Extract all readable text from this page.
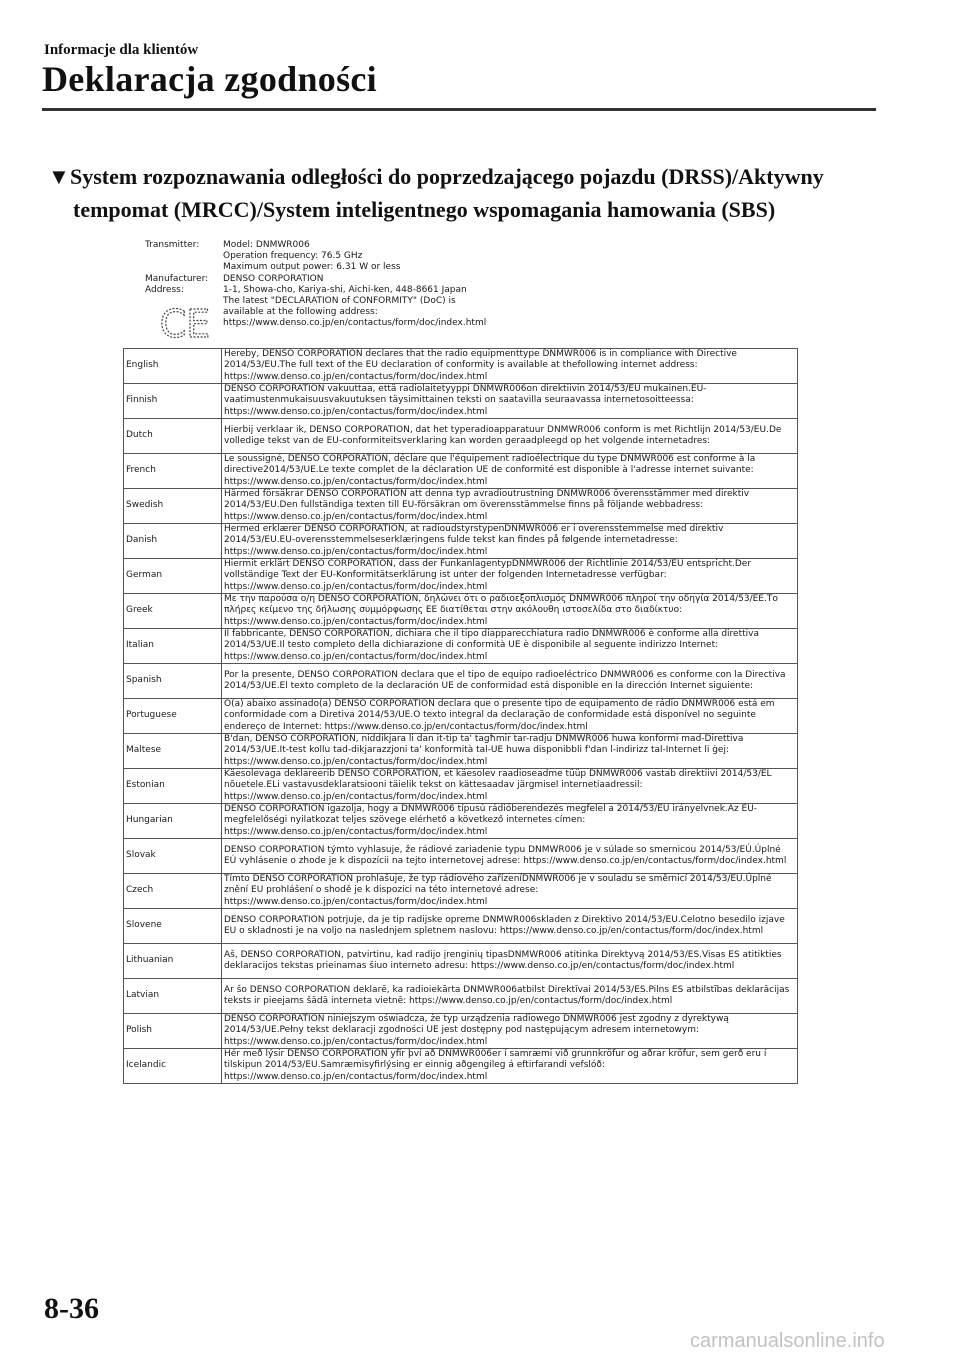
Informacje dla klientów
Deklaracja zgodności
▼System rozpoznawania odległości do poprzedzającego pojazdu (DRSS)/Aktywny
tempomat (MRCC)/System inteligentnego wspomagania hamowania (SBS)
Transmitter:	Model: DNMWR006
Operation frequency: 76.5 GHz
Maximum output power: 6.31 W or less
Manufacturer:	DENSO CORPORATION
Address:	1-1, Showa-cho, Kariya-shi, Aichi-ken, 448-8661 Japan
The latest "DECLARATION of CONFORMITY" (DoC) is
available at the following address:
https://www.denso.co.jp/en/contactus/form/doc/index.html
CE
English	Hereby, DENSO CORPORATION declares that the radio equipmenttype DNMWR006 is in compliance with Directive 2014/53/EU.The full text of the EU declaration of conformity is available at thefollowing internet address: https://www.denso.co.jp/en/contactus/form/doc/index.html
Finnish	DENSO CORPORATION vakuuttaa, että radiolaitetyyppi DNMWR006on direktiivin 2014/53/EU mukainen.EU-vaatimustenmukaisuusvakuutuksen täysimittainen teksti on saatavilla seuraavassa internetosoitteessa: https://www.denso.co.jp/en/contactus/form/doc/index.html
Dutch	Hierbij verklaar ik, DENSO CORPORATION, dat het typeradioapparatuur DNMWR006 conform is met Richtlijn 2014/53/EU.De volledige tekst van de EU-conformiteitsverklaring kan worden geraadpleegd op het volgende internetadres:
French	Le soussigné, DENSO CORPORATION, déclare que l'équipement radioélectrique du type DNMWR006 est conforme à la directive2014/53/UE.Le texte complet de la déclaration UE de conformité est disponible à l'adresse internet suivante: https://www.denso.co.jp/en/contactus/form/doc/index.html
Swedish	Härmed försäkrar DENSO CORPORATION att denna typ avradioutrustning DNMWR006 överensstämmer med direktiv 2014/53/EU.Den fullständiga texten till EU-försäkran om överensstämmelse finns på följande webbadress: https://www.denso.co.jp/en/contactus/form/doc/index.html
Danish	Hermed erklærer DENSO CORPORATION, at radioudstyrstypenDNMWR006 er i overensstemmelse med direktiv 2014/53/EU.EU-overensstemmelseserklæringens fulde tekst kan findes på følgende internetadresse: https://www.denso.co.jp/en/contactus/form/doc/index.html
German	Hiermit erklärt DENSO CORPORATION, dass der FunkanlagentypDNMWR006 der Richtlinie 2014/53/EU entspricht.Der vollständige Text der EU-Konformitätserklärung ist unter der folgenden Internetadresse verfügbar: https://www.denso.co.jp/en/contactus/form/doc/index.html
Greek	Με την παρούσα ο/η DENSO CORPORATION, δηλώνει ότι ο ραδιοεξοπλισμός DNMWR006 πληροί την οδηγία 2014/53/ΕΕ.Το πλήρες κείμενο της δήλωσης συμμόρφωσης ΕΕ διατίθεται στην ακόλουθη ιστοσελίδα στο διαδίκτυο: https://www.denso.co.jp/en/contactus/form/doc/index.html
Italian	Il fabbricante, DENSO CORPORATION, dichiara che il tipo diapparecchiatura radio DNMWR006 è conforme alla direttiva 2014/53/UE.Il testo completo della dichiarazione di conformità UE è disponibile al seguente indirizzo Internet: https://www.denso.co.jp/en/contactus/form/doc/index.html
Spanish	Por la presente, DENSO CORPORATION declara que el tipo de equipo radioeléctrico DNMWR006 es conforme con la Directiva 2014/53/UE.El texto completo de la declaración UE de conformidad está disponible en la dirección Internet siguiente:
Portuguese	O(a) abaixo assinado(a) DENSO CORPORATION declara que o presente tipo de equipamento de rádio DNMWR006 está em conformidade com a Diretiva 2014/53/UE.O texto integral da declaração de conformidade está disponível no seguinte endereço de Internet: https://www.denso.co.jp/en/contactus/form/doc/index.html
Maltese	B'dan, DENSO CORPORATION, niddikjara li dan it-tip ta' tagħmir tar-radju DNMWR006 huwa konformi mad-Direttiva 2014/53/UE.It-test kollu tad-dikjarazzjoni ta' konformità tal-UE huwa disponibbli f'dan l-indirizz tal-Internet li ġej: https://www.denso.co.jp/en/contactus/form/doc/index.html
Estonian	Käesolevaga deklareerib DENSO CORPORATION, et käesolev raadioseadme tüüp DNMWR006 vastab direktiivi 2014/53/EL nõuetele.ELi vastavusdeklaratsiooni täielik tekst on kättesaadav järgmisel internetiaadressil: https://www.denso.co.jp/en/contactus/form/doc/index.html
Hungarian	DENSO CORPORATION igazolja, hogy a DNMWR006 típusú rádióberendezés megfelel a 2014/53/EU irányelvnek.Az EU-megfelelőségi nyilatkozat teljes szövege elérhető a következő internetes címen: https://www.denso.co.jp/en/contactus/form/doc/index.html
Slovak	DENSO CORPORATION týmto vyhlasuje, že rádiové zariadenie typu DNMWR006 je v súlade so smernicou 2014/53/EÚ.Úplné EÚ vyhlásenie o zhode je k dispozícii na tejto internetovej adrese: https://www.denso.co.jp/en/contactus/form/doc/index.html
Czech	Tímto DENSO CORPORATION prohlašuje, že typ rádiového zařízeníDNMWR006 je v souladu se směrnicí 2014/53/EU.Úplné znění EU prohlášení o shodě je k dispozici na této internetové adrese: https://www.denso.co.jp/en/contactus/form/doc/index.html
Slovene	DENSO CORPORATION potrjuje, da je tip radijske opreme DNMWR006skladen z Direktivo 2014/53/EU.Celotno besedilo izjave EU o skladnosti je na voljo na naslednjem spletnem naslovu: https://www.denso.co.jp/en/contactus/form/doc/index.html
Lithuanian	Aš, DENSO CORPORATION, patvirtinu, kad radijo įrenginių tipasDNMWR006 atitinka Direktyvą 2014/53/ES.Visas ES atitikties deklaracijos tekstas prieinamas šiuo interneto adresu: https://www.denso.co.jp/en/contactus/form/doc/index.html
Latvian	Ar šo DENSO CORPORATION deklarē, ka radioiekārta DNMWR006atbilst Direktīvai 2014/53/ES.Pilns ES atbilstības deklarācijas teksts ir pieejams šādā interneta vietnē: https://www.denso.co.jp/en/contactus/form/doc/index.html
Polish	DENSO CORPORATION niniejszym oświadcza, że typ urządzenia radiowego DNMWR006 jest zgodny z dyrektywą 2014/53/UE.Pełny tekst deklaracji zgodności UE jest dostępny pod następującym adresem internetowym: https://www.denso.co.jp/en/contactus/form/doc/index.html
Icelandic	Hér með lýsir DENSO CORPORATION yfir því að DNMWR006er í samræmi við grunnkröfur og aðrar kröfur, sem gerð eru í tilskipun 2014/53/EU.Samræmisyfirlýsing er einnig aðgengileg á eftirfarandi vefslóð: https://www.denso.co.jp/en/contactus/form/doc/index.html
8-36
carmanualsonline.info
